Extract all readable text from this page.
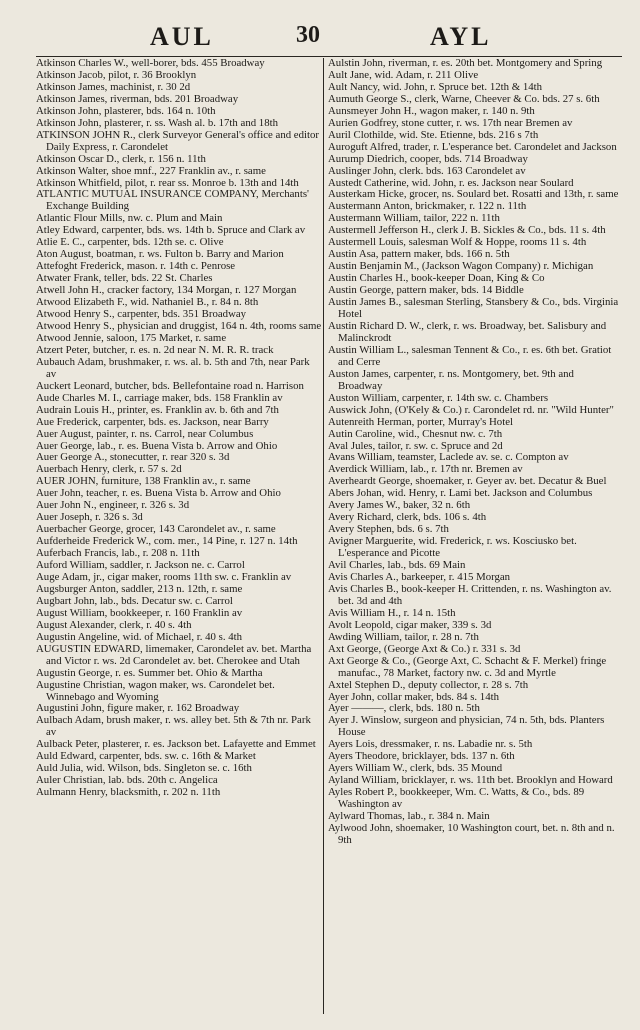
AUL	30	AYL
Atkinson Charles W., well-borer, bds. 455 Broadway
Atkinson Jacob, pilot, r. 36 Brooklyn
Atkinson James, machinist, r. 30 2d
Atkinson James, riverman, bds. 201 Broadway
Atkinson John, plasterer, bds. 164 n. 10th
Atkinson John, plasterer, r. ss. Wash al. b. 17th and 18th
ATKINSON JOHN R., clerk Surveyor General's office and editor Daily Express, r. Carondelet
Atkinson Oscar D., clerk, r. 156 n. 11th
Atkinson Walter, shoe mnf., 227 Franklin av., r. same
Atkinson Whitfield, pilot, r. rear ss. Monroe b. 13th and 14th
ATLANTIC MUTUAL INSURANCE COMPANY, Merchants' Exchange Building
Atlantic Flour Mills, nw. c. Plum and Main
Atley Edward, carpenter, bds. ws. 14th b. Spruce and Clark av
Atlie E. C., carpenter, bds. 12th se. c. Olive
Aton August, boatman, r. ws. Fulton b. Barry and Marion
Attefoght Frederick, mason. r. 14th c. Penrose
Atwater Frank, teller, bds. 22 St. Charles
Atwell John H., cracker factory, 134 Morgan, r. 127 Morgan
Atwood Elizabeth F., wid. Nathaniel B., r. 84 n. 8th
Atwood Henry S., carpenter, bds. 351 Broadway
Atwood Henry S., physician and druggist, 164 n. 4th, rooms same
Atwood Jennie, saloon, 175 Market, r. same
Atzert Peter, butcher, r. es. n. 2d near N. M. R. R. track
Aubauch Adam, brushmaker, r. ws. al. b. 5th and 7th, near Park av
Auckert Leonard, butcher, bds. Bellefontaine road n. Harrison
Aude Charles M. I., carriage maker, bds. 158 Franklin av
Audrain Louis H., printer, es. Franklin av. b. 6th and 7th
Aue Frederick, carpenter, bds. es. Jackson, near Barry
Auer August, painter, r. ns. Carrol, near Columbus
Auer George, lab., r. es. Buena Vista b. Arrow and Ohio
Auer George A., stonecutter, r. rear 320 s. 3d
Auerbach Henry, clerk, r. 57 s. 2d
AUER JOHN, furniture, 138 Franklin av., r. same
Auer John, teacher, r. es. Buena Vista b. Arrow and Ohio
Auer John N., engineer, r. 326 s. 3d
Auer Joseph, r. 326 s. 3d
Auerbacher George, grocer, 143 Carondelet av., r. same
Aufderheide Frederick W., com. mer., 14 Pine, r. 127 n. 14th
Auferbach Francis, lab., r. 208 n. 11th
Auford William, saddler, r. Jackson ne. c. Carrol
Auge Adam, jr., cigar maker, rooms 11th sw. c. Franklin av
Augsburger Anton, saddler, 213 n. 12th, r. same
Augbart John, lab., bds. Decatur sw. c. Carrol
August William, bookkeeper, r. 160 Franklin av
August Alexander, clerk, r. 40 s. 4th
Augustin Angeline, wid. of Michael, r. 40 s. 4th
AUGUSTIN EDWARD, limemaker, Carondelet av. bet. Martha and Victor r. ws. 2d Carondelet av. bet. Cherokee and Utah
Augustin George, r. es. Summer bet. Ohio & Martha
Augustine Christian, wagon maker, ws. Carondelet bet. Winnebago and Wyoming
Augustini John, figure maker, r. 162 Broadway
Aulbach Adam, brush maker, r. ws. alley bet. 5th & 7th nr. Park av
Aulback Peter, plasterer, r. es. Jackson bet. Lafayette and Emmet
Auld Edward, carpenter, bds. sw. c. 16th & Market
Auld Julia, wid. Wilson, bds. Singleton se. c. 16th
Auler Christian, lab. bds. 20th c. Angelica
Aulmann Henry, blacksmith, r. 202 n. 11th
Aulstin John, riverman, r. es. 20th bet. Montgomery and Spring
Ault Jane, wid. Adam, r. 211 Olive
Ault Nancy, wid. John, r. Spruce bet. 12th & 14th
Aumuth George S., clerk, Warne, Cheever & Co. bds. 27 s. 6th
Aunsmeyer John H., wagon maker, r. 140 n. 9th
Aurien Godfrey, stone cutter, r. ws. 17th near Bremen av
Auril Clothilde, wid. Ste. Etienne, bds. 216 s 7th
Auroguft Alfred, trader, r. L'esperance bet. Carondelet and Jackson
Aurump Diedrich, cooper, bds. 714 Broadway
Auslinger John, clerk. bds. 163 Carondelet av
Austedt Catherine, wid. John, r. es. Jackson near Soulard
Austerkam Hicke, grocer, ns. Soulard bet. Rosatti and 13th, r. same
Austermann Anton, brickmaker, r. 122 n. 11th
Austermann William, tailor, 222 n. 11th
Austermell Jefferson H., clerk J. B. Sickles & Co., bds. 11 s. 4th
Austermell Louis, salesman Wolf & Hoppe, rooms 11 s. 4th
Austin Asa, pattern maker, bds. 166 n. 5th
Austin Benjamin M., (Jackson Wagon Company) r. Michigan
Austin Charles H., book-keeper Doan, King & Co
Austin George, pattern maker, bds. 14 Biddle
Austin James B., salesman Sterling, Stansbery & Co., bds. Virginia Hotel
Austin Richard D. W., clerk, r. ws. Broadway, bet. Salisbury and Malinckrodt
Austin William L., salesman Tennent & Co., r. es. 6th bet. Gratiot and Cerre
Auston James, carpenter, r. ns. Montgomery, bet. 9th and Broadway
Auston William, carpenter, r. 14th sw. c. Chambers
Auswick John, (O'Kely & Co.) r. Carondelet rd. nr. "Wild Hunter"
Autenreith Herman, porter, Murray's Hotel
Autin Caroline, wid., Chesnut nw. c. 7th
Aval Jules, tailor, r. sw. c. Spruce and 2d
Avans William, teamster, Laclede av. se. c. Compton av
Averdick William, lab., r. 17th nr. Bremen av
Averheardt George, shoemaker, r. Geyer av. bet. Decatur & Buel
Abers Johan, wid. Henry, r. Lami bet. Jackson and Columbus
Avery James W., baker, 32 n. 6th
Avery Richard, clerk, bds. 106 s. 4th
Avery Stephen, bds. 6 s. 7th
Avigner Marguerite, wid. Frederick, r. ws. Kosciusko bet. L'esperance and Picotte
Avil Charles, lab., bds. 69 Main
Avis Charles A., barkeeper, r. 415 Morgan
Avis Charles B., book-keeper H. Crittenden, r. ns. Washington av. bet. 3d and 4th
Avis William H., r. 14 n. 15th
Avolt Leopold, cigar maker, 339 s. 3d
Awding William, tailor, r. 28 n. 7th
Axt George, (George Axt & Co.) r. 331 s. 3d
Axt George & Co., (George Axt, C. Schacht & F. Merkel) fringe manufac., 78 Market, factory nw. c. 3d and Myrtle
Axtel Stephen D., deputy collector, r. 28 s. 7th
Ayer John, collar maker, bds. 84 s. 14th
Ayer ———, clerk, bds. 180 n. 5th
Ayer J. Winslow, surgeon and physician, 74 n. 5th, bds. Planters House
Ayers Lois, dressmaker, r. ns. Labadie nr. s. 5th
Ayers Theodore, bricklayer, bds. 137 n. 6th
Ayers William W., clerk, bds. 35 Mound
Ayland William, bricklayer, r. ws. 11th bet. Brooklyn and Howard
Ayles Robert P., bookkeeper, Wm. C. Watts, & Co., bds. 89 Washington av
Aylward Thomas, lab., r. 384 n. Main
Aylwood John, shoemaker, 10 Washington court, bet. n. 8th and n. 9th
